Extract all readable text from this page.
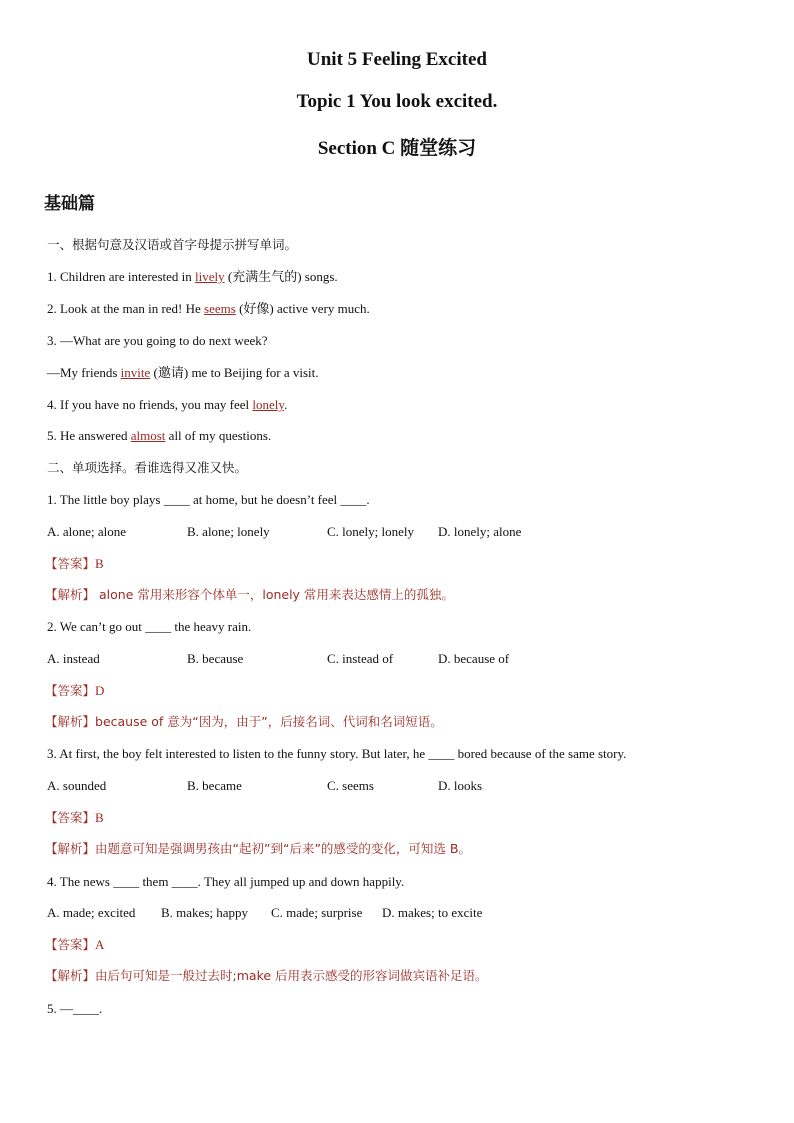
Unit 5 Feeling Excited
Topic 1 You look excited.
Section C 随堂练习
基础篇
一、根据句意及汉语或首字母提示拼写单词。
1. Children are interested in lively (充满生气的) songs.
2. Look at the man in red! He seems (好像) active very much.
3. —What are you going to do next week?
—My friends invite (邀请) me to Beijing for a visit.
4. If you have no friends, you may feel lonely.
5. He answered almost all of my questions.
二、单项选择。看谁选得又准又快。
1. The little boy plays ____ at home, but he doesn’t feel ____.
A. alone; alone	B. alone; lonely	C. lonely; lonely D. lonely; alone
【答案】B
【解析】 alone 常用来形容个体单一，lonely 常用来表达感情上的孤独。
2. We can’t go out ____ the heavy rain.
A. instead	B. because	C. instead of	D. because of
【答案】D
【解析】because of 意为“因为，由于”，后接名词、代词和名词短语。
3. At first, the boy felt interested to listen to the funny story. But later, he ____ bored because of the same story.
A. sounded	B. became	C. seems	D. looks
【答案】B
【解析】由题意可知是强调男孩由“起初”到“后来”的感受的变化，可知选 B。
4. The news ____ them ____. They all jumped up and down happily.
A. made; excited B. makes; happy C. made; surprise D. makes; to excite
【答案】A
【解析】由后句可知是一般过去时;make 后用表示感受的形容词做宾语补足语。
5. —____.
